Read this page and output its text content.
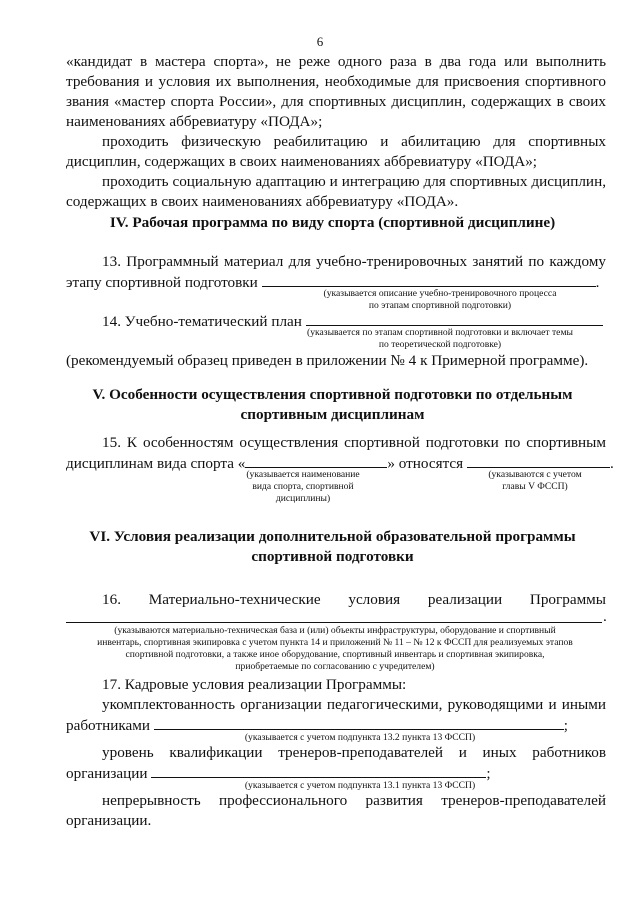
6
«кандидат в мастера спорта», не реже одного раза в два года или выполнить
требования и условия их выполнения, необходимые для присвоения спортивного
звания «мастер спорта России», для спортивных дисциплин, содержащих в своих
наименованиях аббревиатуру «ПОДА»;
проходить физическую реабилитацию и абилитацию для спортивных
дисциплин, содержащих в своих наименованиях аббревиатуру «ПОДА»;
проходить социальную адаптацию и интеграцию для спортивных дисциплин,
содержащих в своих наименованиях аббревиатуру «ПОДА».
IV. Рабочая программа по виду спорта (спортивной дисциплине)
13. Программный материал для учебно-тренировочных занятий по каждому
этапу спортивной подготовки	.
(указывается описание учебно-тренировочного процесса
по этапам спортивной подготовки)
14. Учебно-тематический план
(указывается по этапам спортивной подготовки и включает темы
по теоретической подготовке)
(рекомендуемый образец приведен в приложении № 4 к Примерной программе).
V. Особенности осуществления спортивной подготовки по отдельным
спортивным дисциплинам
15. К особенностям осуществления спортивной подготовки по спортивным
дисциплинам вида спорта «	» относятся	.
(указывается наименование
вида спорта, спортивной
дисциплины)
(указываются с учетом
главы V ФССП)
VI. Условия реализации дополнительной образовательной программы
спортивной подготовки
16. Материально-технические условия реализации Программы
.
(указываются материально-техническая база и (или) объекты инфраструктуры, оборудование и спортивный
инвентарь, спортивная экипировка с учетом пункта 14 и приложений № 11 – № 12 к ФССП для реализуемых этапов
спортивной подготовки, а также иное оборудование, спортивный инвентарь и спортивная экипировка,
приобретаемые по согласованию с учредителем)
17. Кадровые условия реализации Программы:
укомплектованность организации педагогическими, руководящими и иными
работниками	;
(указывается с учетом подпункта 13.2 пункта 13 ФССП)
уровень квалификации тренеров-преподавателей и иных работников
организации	;
(указывается с учетом подпункта 13.1 пункта 13 ФССП)
непрерывность профессионального развития тренеров-преподавателей
организации.
